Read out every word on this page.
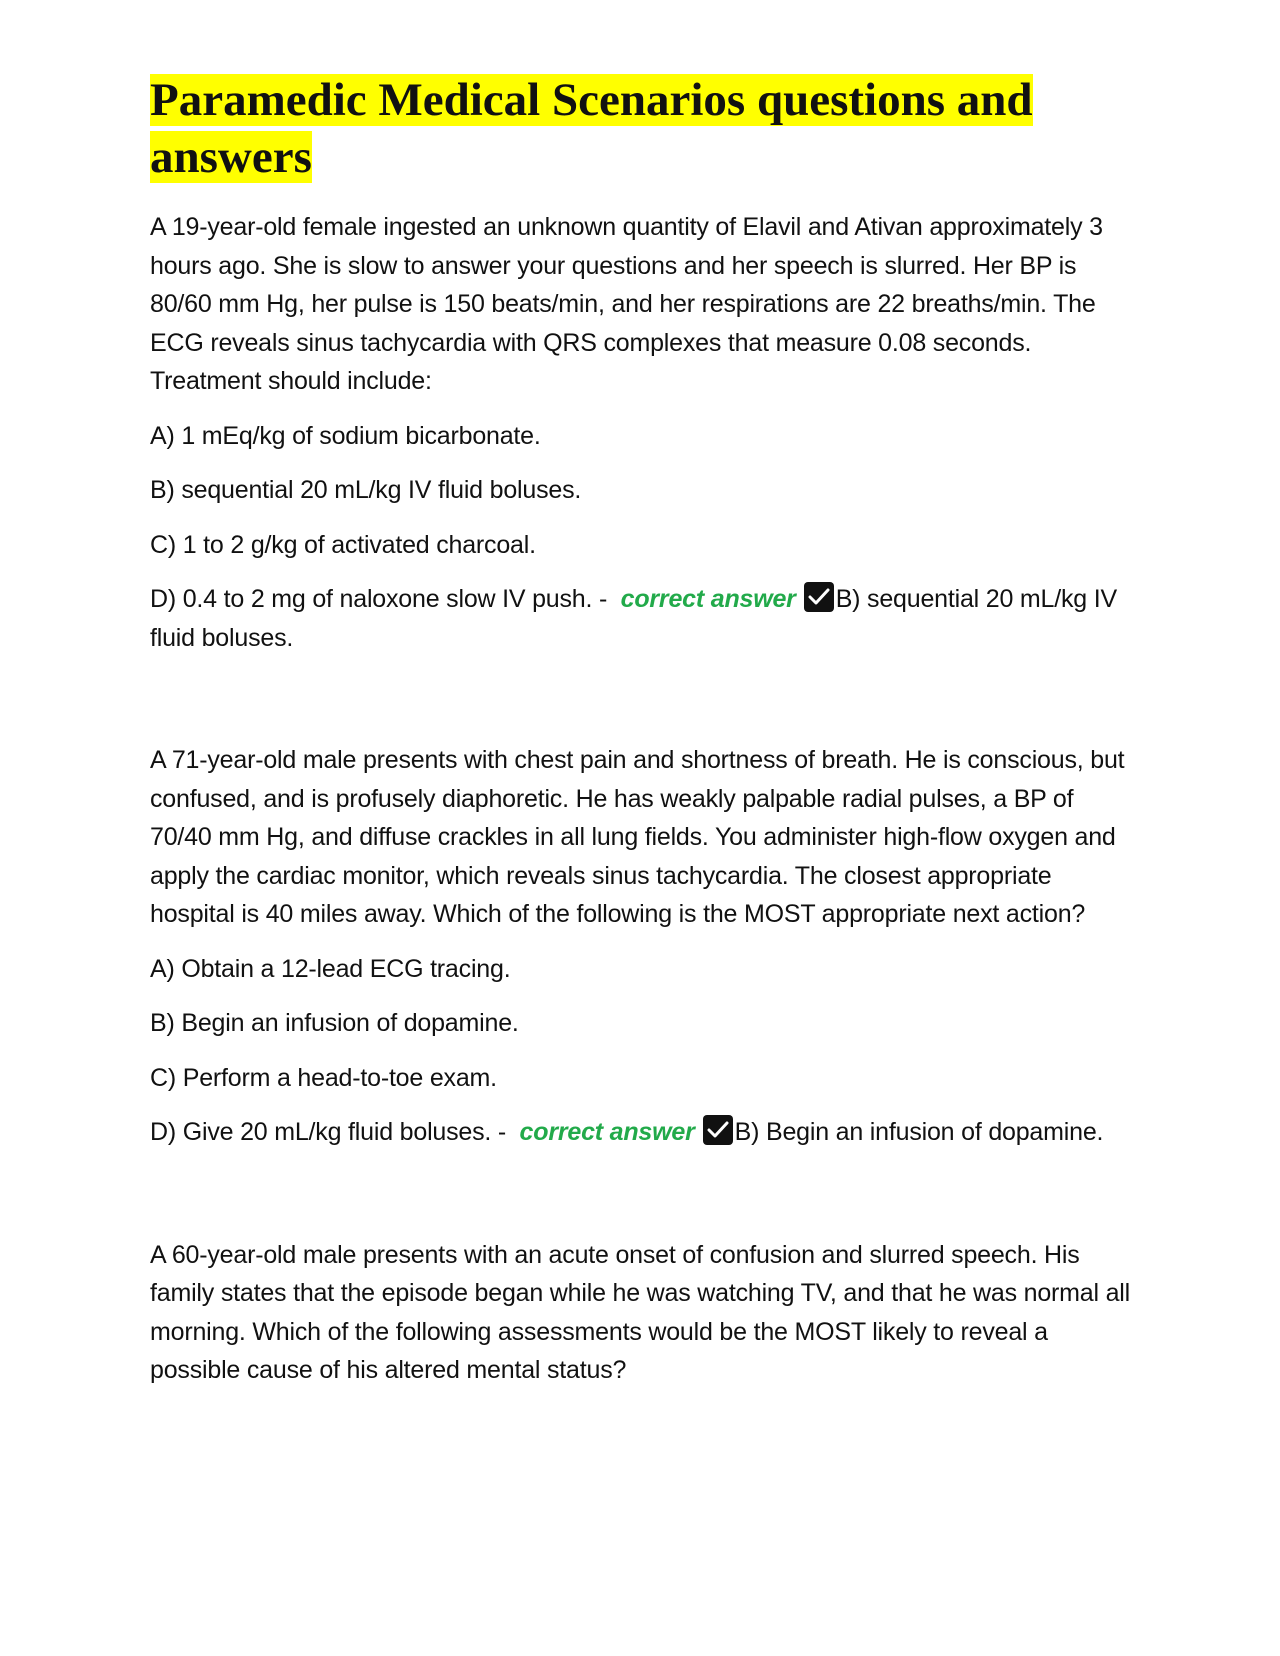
Paramedic Medical Scenarios questions and answers

A 19-year-old female ingested an unknown quantity of Elavil and Ativan approximately 3 hours ago. She is slow to answer your questions and her speech is slurred. Her BP is 80/60 mm Hg, her pulse is 150 beats/min, and her respirations are 22 breaths/min. The ECG reveals sinus tachycardia with QRS complexes that measure 0.08 seconds. Treatment should include:

A) 1 mEq/kg of sodium bicarbonate.

B) sequential 20 mL/kg IV fluid boluses.

C) 1 to 2 g/kg of activated charcoal.

D) 0.4 to 2 mg of naloxone slow IV push. - correct answer B) sequential 20 mL/kg IV fluid boluses.

A 71-year-old male presents with chest pain and shortness of breath. He is conscious, but confused, and is profusely diaphoretic. He has weakly palpable radial pulses, a BP of 70/40 mm Hg, and diffuse crackles in all lung fields. You administer high-flow oxygen and apply the cardiac monitor, which reveals sinus tachycardia. The closest appropriate hospital is 40 miles away. Which of the following is the MOST appropriate next action?

A) Obtain a 12-lead ECG tracing.

B) Begin an infusion of dopamine.

C) Perform a head-to-toe exam.

D) Give 20 mL/kg fluid boluses. - correct answer B) Begin an infusion of dopamine.

A 60-year-old male presents with an acute onset of confusion and slurred speech. His family states that the episode began while he was watching TV, and that he was normal all morning. Which of the following assessments would be the MOST likely to reveal a possible cause of his altered mental status?
